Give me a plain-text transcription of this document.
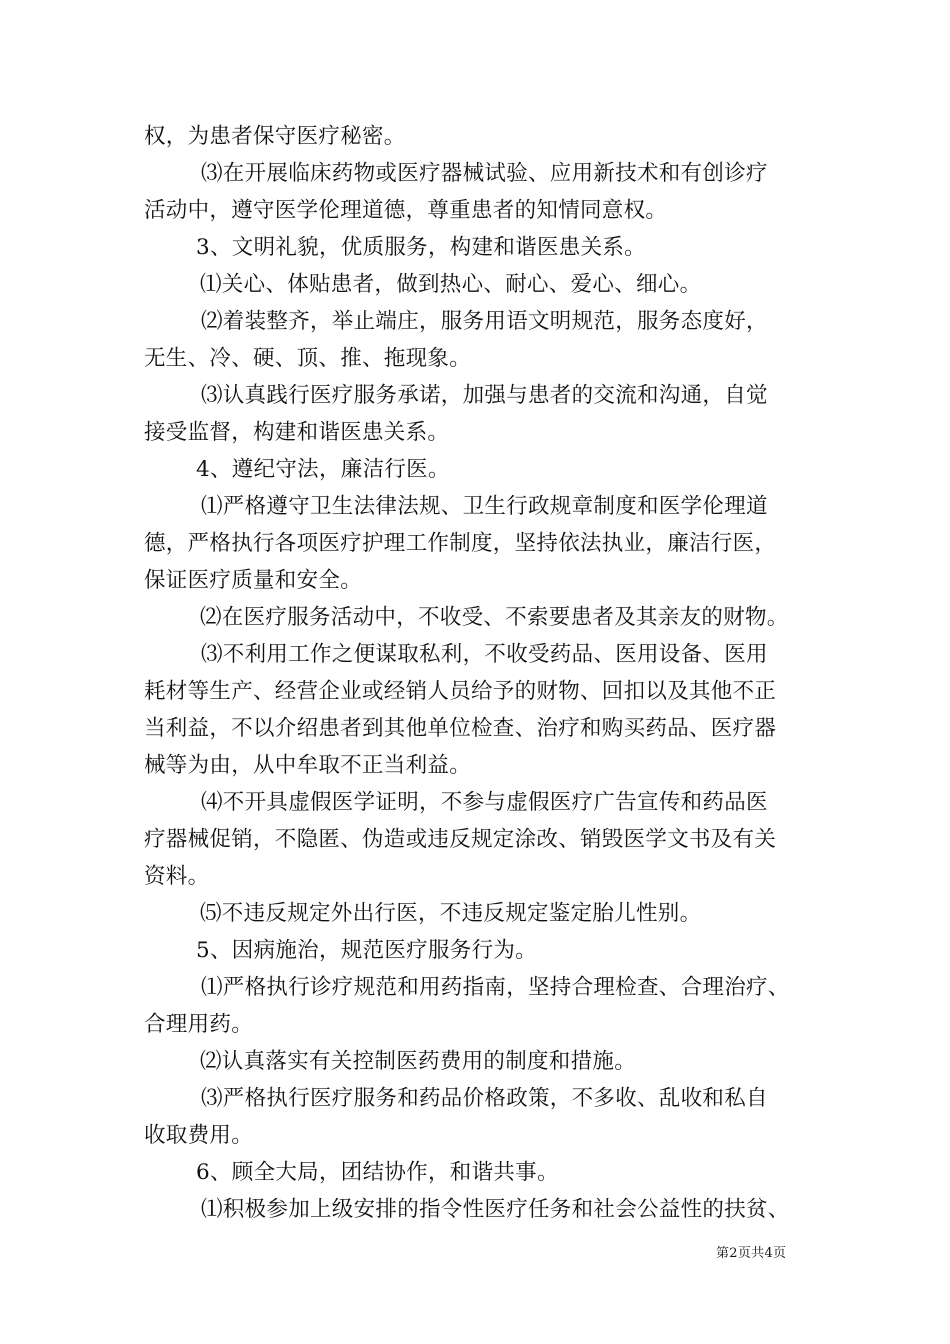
权，为患者保守医疗秘密。
⑶在开展临床药物或医疗器械试验、应用新技术和有创诊疗
活动中，遵守医学伦理道德，尊重患者的知情同意权。
3、文明礼貌，优质服务，构建和谐医患关系。
⑴关心、体贴患者，做到热心、耐心、爱心、细心。
⑵着装整齐，举止端庄，服务用语文明规范，服务态度好，
无生、冷、硬、顶、推、拖现象。
⑶认真践行医疗服务承诺，加强与患者的交流和沟通，自觉
接受监督，构建和谐医患关系。
4、遵纪守法，廉洁行医。
⑴严格遵守卫生法律法规、卫生行政规章制度和医学伦理道
德，严格执行各项医疗护理工作制度，坚持依法执业，廉洁行医，
保证医疗质量和安全。
⑵在医疗服务活动中，不收受、不索要患者及其亲友的财物。
⑶不利用工作之便谋取私利，不收受药品、医用设备、医用
耗材等生产、经营企业或经销人员给予的财物、回扣以及其他不正
当利益，不以介绍患者到其他单位检查、治疗和购买药品、医疗器
械等为由，从中牟取不正当利益。
⑷不开具虚假医学证明，不参与虚假医疗广告宣传和药品医
疗器械促销，不隐匿、伪造或违反规定涂改、销毁医学文书及有关
资料。
⑸不违反规定外出行医，不违反规定鉴定胎儿性别。
5、因病施治，规范医疗服务行为。
⑴严格执行诊疗规范和用药指南，坚持合理检查、合理治疗、
合理用药。
⑵认真落实有关控制医药费用的制度和措施。
⑶严格执行医疗服务和药品价格政策，不多收、乱收和私自
收取费用。
6、顾全大局，团结协作，和谐共事。
⑴积极参加上级安排的指令性医疗任务和社会公益性的扶贫、
第2页共4页
